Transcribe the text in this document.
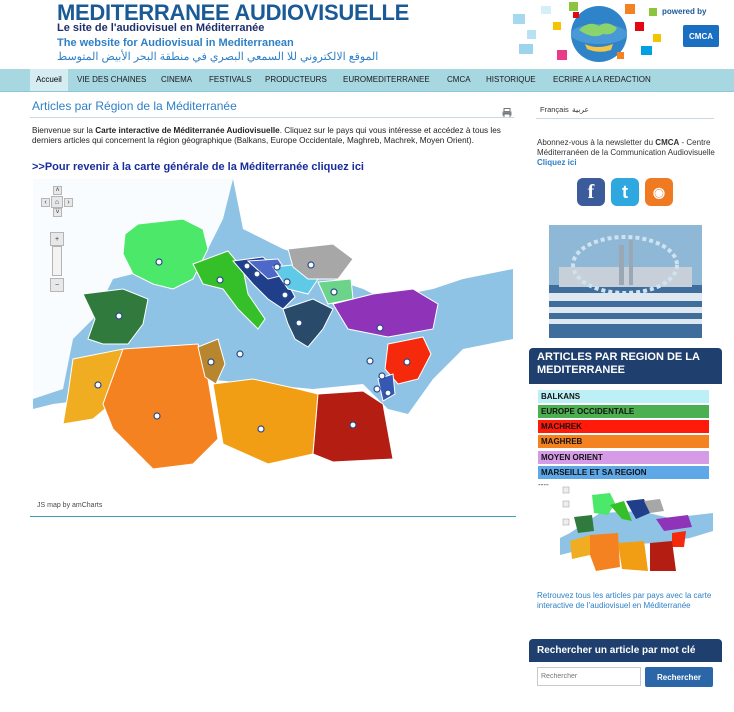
MEDITERRANEE AUDIOVISUELLE
Le site de l'audiovisuel en Méditerranée
The website for Audiovisual in Mediterranean
الموقع الالكتروني للا السمعي البصري في منطقة البحر الأبيض المتوسط
powered by
CMCA
Accueil	VIE DES CHAINES CINEMA FESTIVALS PRODUCTEURS EUROMEDITERRANEE CMCA HISTORIQUE ECRIRE A LA REDACTION
Articles par Région de la Méditerranée
Bienvenue sur la Carte interactive de Méditerranée Audiovisuelle. Cliquez sur le pays qui vous intéresse et accédez à tous les derniers articles qui concernent la région géographique (Balkans, Europe Occidentale, Maghreb, Machrek, Moyen Orient).
>>Pour revenir à la carte générale de la Méditerranée cliquez ici
‹	⌂	›
˄
˅
+
−
JS map by amCharts
Français عربية
Abonnez-vous à la newsletter du CMCA - Centre Méditerranéen de la Communication Audiovisuelle Cliquez ici
f	t	◉
ARTICLES PAR REGION DE LA MEDITERRANEE
BALKANS
EUROPE OCCIDENTALE
MACHREK
MAGHREB
MOYEN ORIENT
MARSEILLE ET SA REGION
----
Retrouvez tous les articles par pays avec la carte interactive de l'audiovisuel en Méditerranée
Rechercher un article par mot clé
Rechercher
Rechercher
